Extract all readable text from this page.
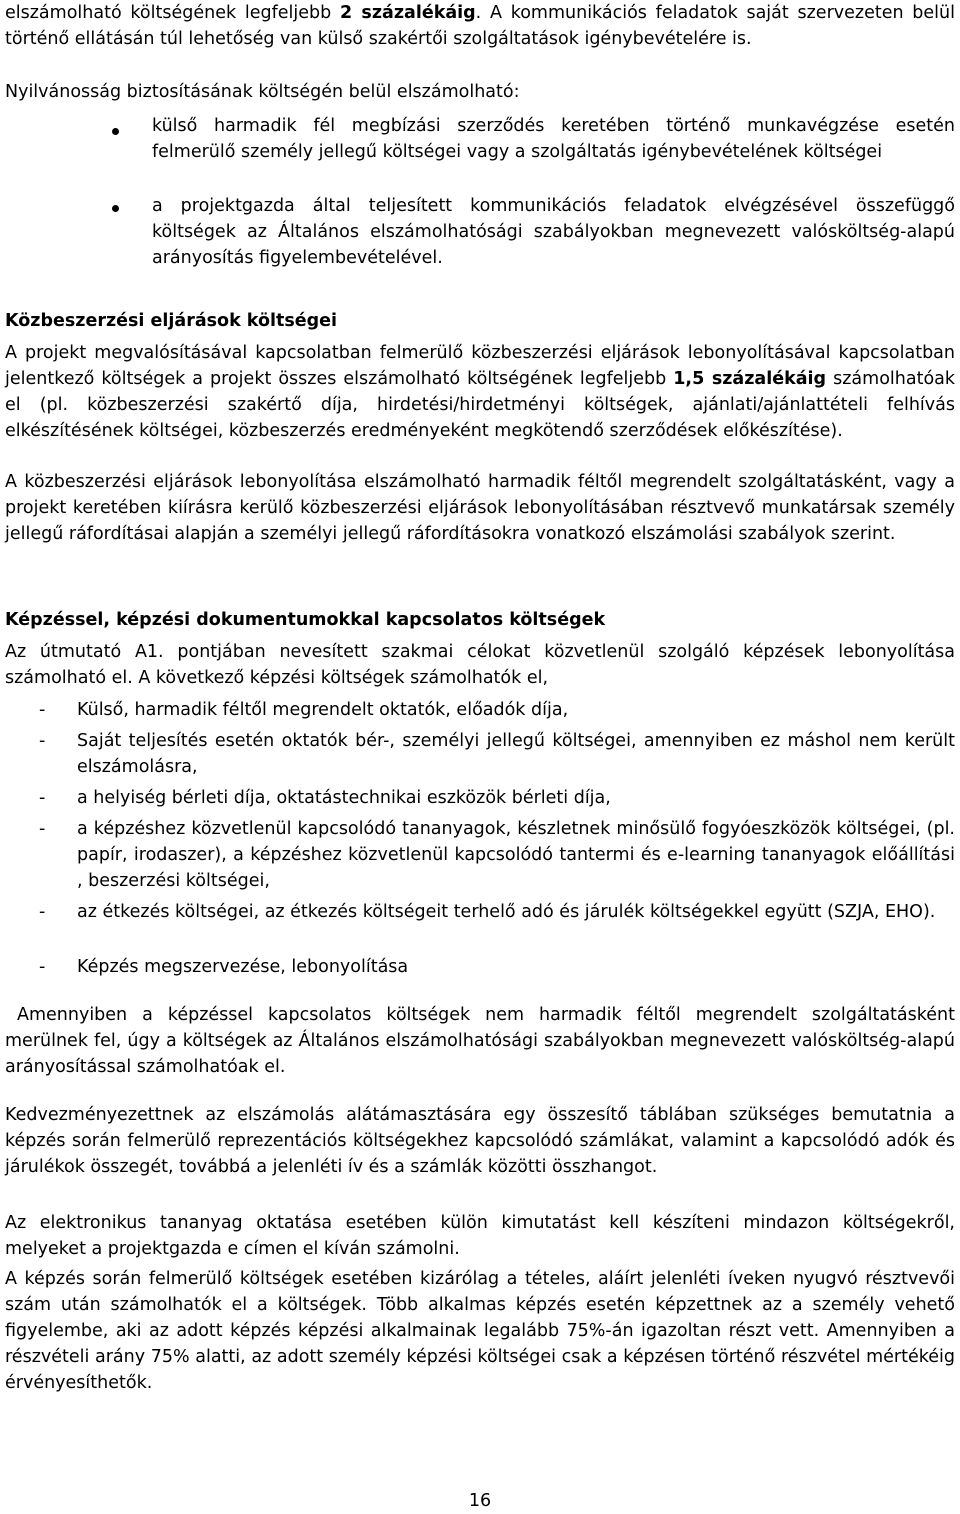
elszámolható költségének legfeljebb 2 százalékáig. A kommunikációs feladatok saját szervezeten belül történő ellátásán túl lehetőség van külső szakértői szolgáltatások igénybevételére is.

Nyilvánosság biztosításának költségén belül elszámolható:

külső harmadik fél megbízási szerződés keretében történő munkavégzése esetén felmerülő személy jellegű költségei vagy a szolgáltatás igénybevételének költségei

a projektgazda által teljesített kommunikációs feladatok elvégzésével összefüggő költségek az Általános elszámolhatósági szabályokban megnevezett valósköltség-alapú arányosítás figyelembevételével.

Közbeszerzési eljárások költségei

A projekt megvalósításával kapcsolatban felmerülő közbeszerzési eljárások lebonyolításával kapcsolatban jelentkező költségek a projekt összes elszámolható költségének legfeljebb 1,5 százalékáig számolhatóak el (pl. közbeszerzési szakértő díja, hirdetési/hirdetményi költségek, ajánlati/ajánlattételi felhívás elkészítésének költségei, közbeszerzés eredményeként megkötendő szerződések előkészítése).

A közbeszerzési eljárások lebonyolítása elszámolható harmadik féltől megrendelt szolgáltatásként, vagy a projekt keretében kiírásra kerülő közbeszerzési eljárások lebonyolításában résztvevő munkatársak személy jellegű ráfordításai alapján a személyi jellegű ráfordításokra vonatkozó elszámolási szabályok szerint.

Képzéssel, képzési dokumentumokkal kapcsolatos költségek

Az útmutató A1. pontjában nevesített szakmai célokat közvetlenül szolgáló képzések lebonyolítása számolható el. A következő képzési költségek számolhatók el,

- Külső, harmadik féltől megrendelt oktatók, előadók díja,

- Saját teljesítés esetén oktatók bér-, személyi jellegű költségei, amennyiben ez máshol nem került elszámolásra,

- a helyiség bérleti díja, oktatástechnikai eszközök bérleti díja,

- a képzéshez közvetlenül kapcsolódó tananyagok, készletnek minősülő fogyóeszközök költségei, (pl. papír, irodaszer), a képzéshez közvetlenül kapcsolódó tantermi és e-learning tananyagok előállítási , beszerzési költségei,

- az étkezés költségei, az étkezés költségeit terhelő adó és járulék költségekkel együtt (SZJA, EHO).

- Képzés megszervezése, lebonyolítása

Amennyiben a képzéssel kapcsolatos költségek nem harmadik féltől megrendelt szolgáltatásként merülnek fel, úgy a költségek az Általános elszámolhatósági szabályokban megnevezett valósköltség-alapú arányosítással számolhatóak el.

Kedvezményezettnek az elszámolás alátámasztására egy összesítő táblában szükséges bemutatnia a képzés során felmerülő reprezentációs költségekhez kapcsolódó számlákat, valamint a kapcsolódó adók és járulékok összegét, továbbá a jelenléti ív és a számlák közötti összhangot.

Az elektronikus tananyag oktatása esetében külön kimutatást kell készíteni mindazon költségekről, melyeket a projektgazda e címen el kíván számolni.

A képzés során felmerülő költségek esetében kizárólag a tételes, aláírt jelenléti íveken nyugvó résztvevői szám után számolhatók el a költségek. Több alkalmas képzés esetén képzettnek az a személy vehető figyelembe, aki az adott képzés képzési alkalmainak legalább 75%-án igazoltan részt vett. Amennyiben a részvételi arány 75% alatti, az adott személy képzési költségei csak a képzésen történő részvétel mértékéig érvényesíthetők.

16
